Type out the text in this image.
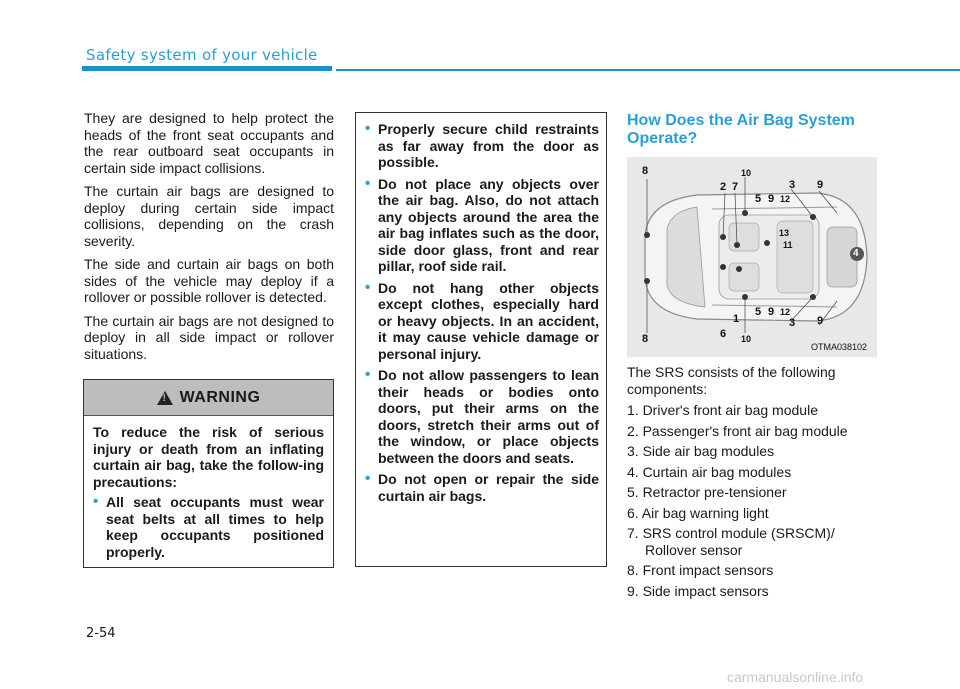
Safety system of your vehicle

They are designed to help protect the heads of the front seat occupants and the rear outboard seat occupants in certain side impact collisions.

The curtain air bags are designed to deploy during certain side impact collisions, depending on the crash severity.

The side and curtain air bags on both sides of the vehicle may deploy if a rollover or possible rollover is detected.

The curtain air bags are not designed to deploy in all side impact or rollover situations.

! WARNING

To reduce the risk of serious injury or death from an inflating curtain air bag, take the follow-ing precautions:

• All seat occupants must wear seat belts at all times to help keep occupants positioned properly.
• Properly secure child restraints as far away from the door as possible.
• Do not place any objects over the air bag. Also, do not attach any objects around the area the air bag inflates such as the door, side door glass, front and rear pillar, roof side rail.
• Do not hang other objects except clothes, especially hard or heavy objects. In an accident, it may cause vehicle damage or personal injury.
• Do not allow passengers to lean their heads or bodies onto doors, put their arms on the doors, stretch their arms out of the window, or place objects between the doors and seats.
• Do not open or repair the side curtain air bags.
How Does the Air Bag System Operate?
8	10
2 7
5 9 12
3 9
13
11
4
1
5 9 12
3 9
6 10
8
OTMA038102

The SRS consists of the following components:

1. Driver's front air bag module
2. Passenger's front air bag module
3. Side air bag modules
4. Curtain air bag modules
5. Retractor pre-tensioner
6. Air bag warning light
7. SRS control module (SRSCM)/ Rollover sensor
8. Front impact sensors
9. Side impact sensors
2-54
carmanualsonline.info
